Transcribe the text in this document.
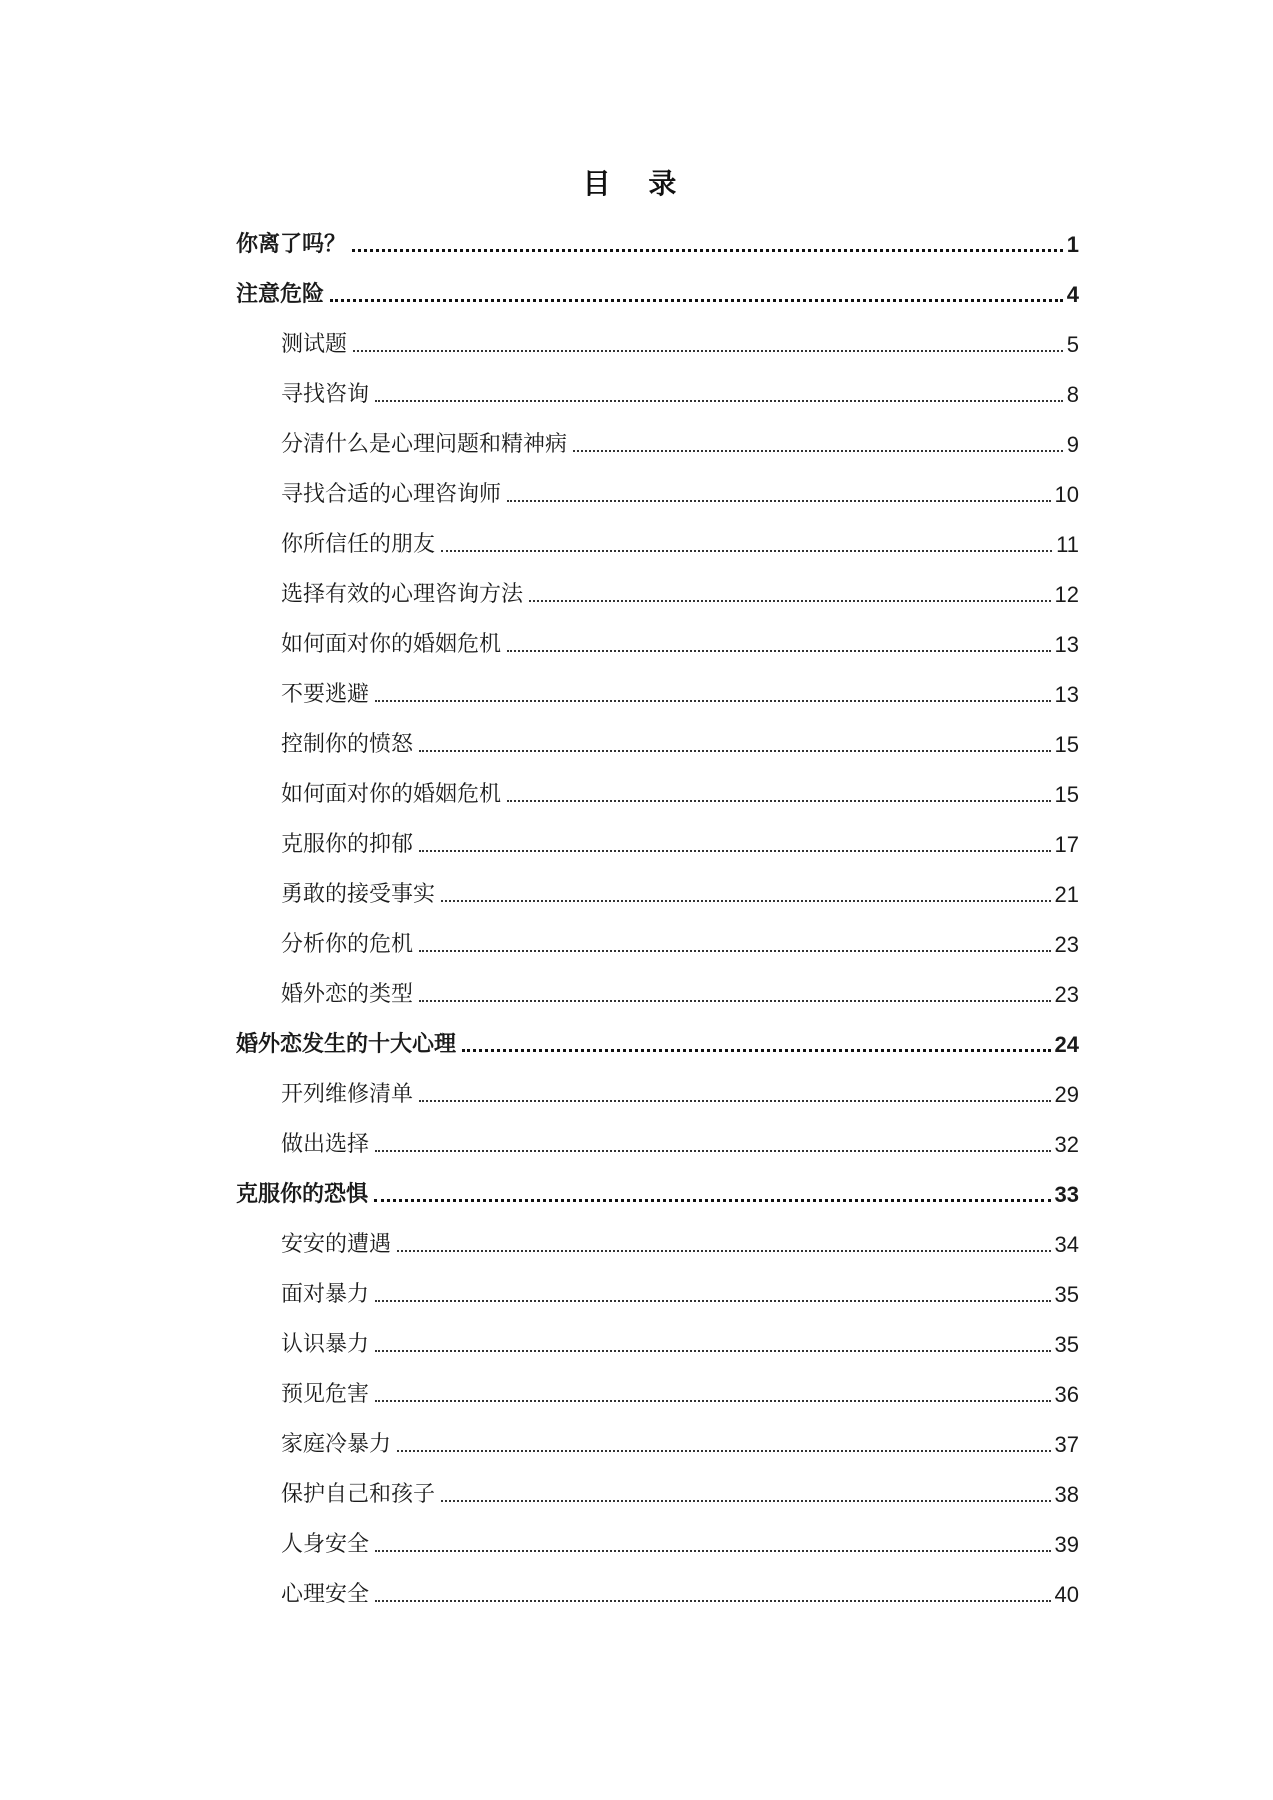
目 录
你离了吗？	1
注意危险	4
测试题	5
寻找咨询	8
分清什么是心理问题和精神病	9
寻找合适的心理咨询师	10
你所信任的朋友	11
选择有效的心理咨询方法	12
如何面对你的婚姻危机	13
不要逃避	13
控制你的愤怒	15
如何面对你的婚姻危机	15
克服你的抑郁	17
勇敢的接受事实	21
分析你的危机	23
婚外恋的类型	23
婚外恋发生的十大心理	24
开列维修清单	29
做出选择	32
克服你的恐惧	33
安安的遭遇	34
面对暴力	35
认识暴力	35
预见危害	36
家庭冷暴力	37
保护自己和孩子	38
人身安全	39
心理安全	40
